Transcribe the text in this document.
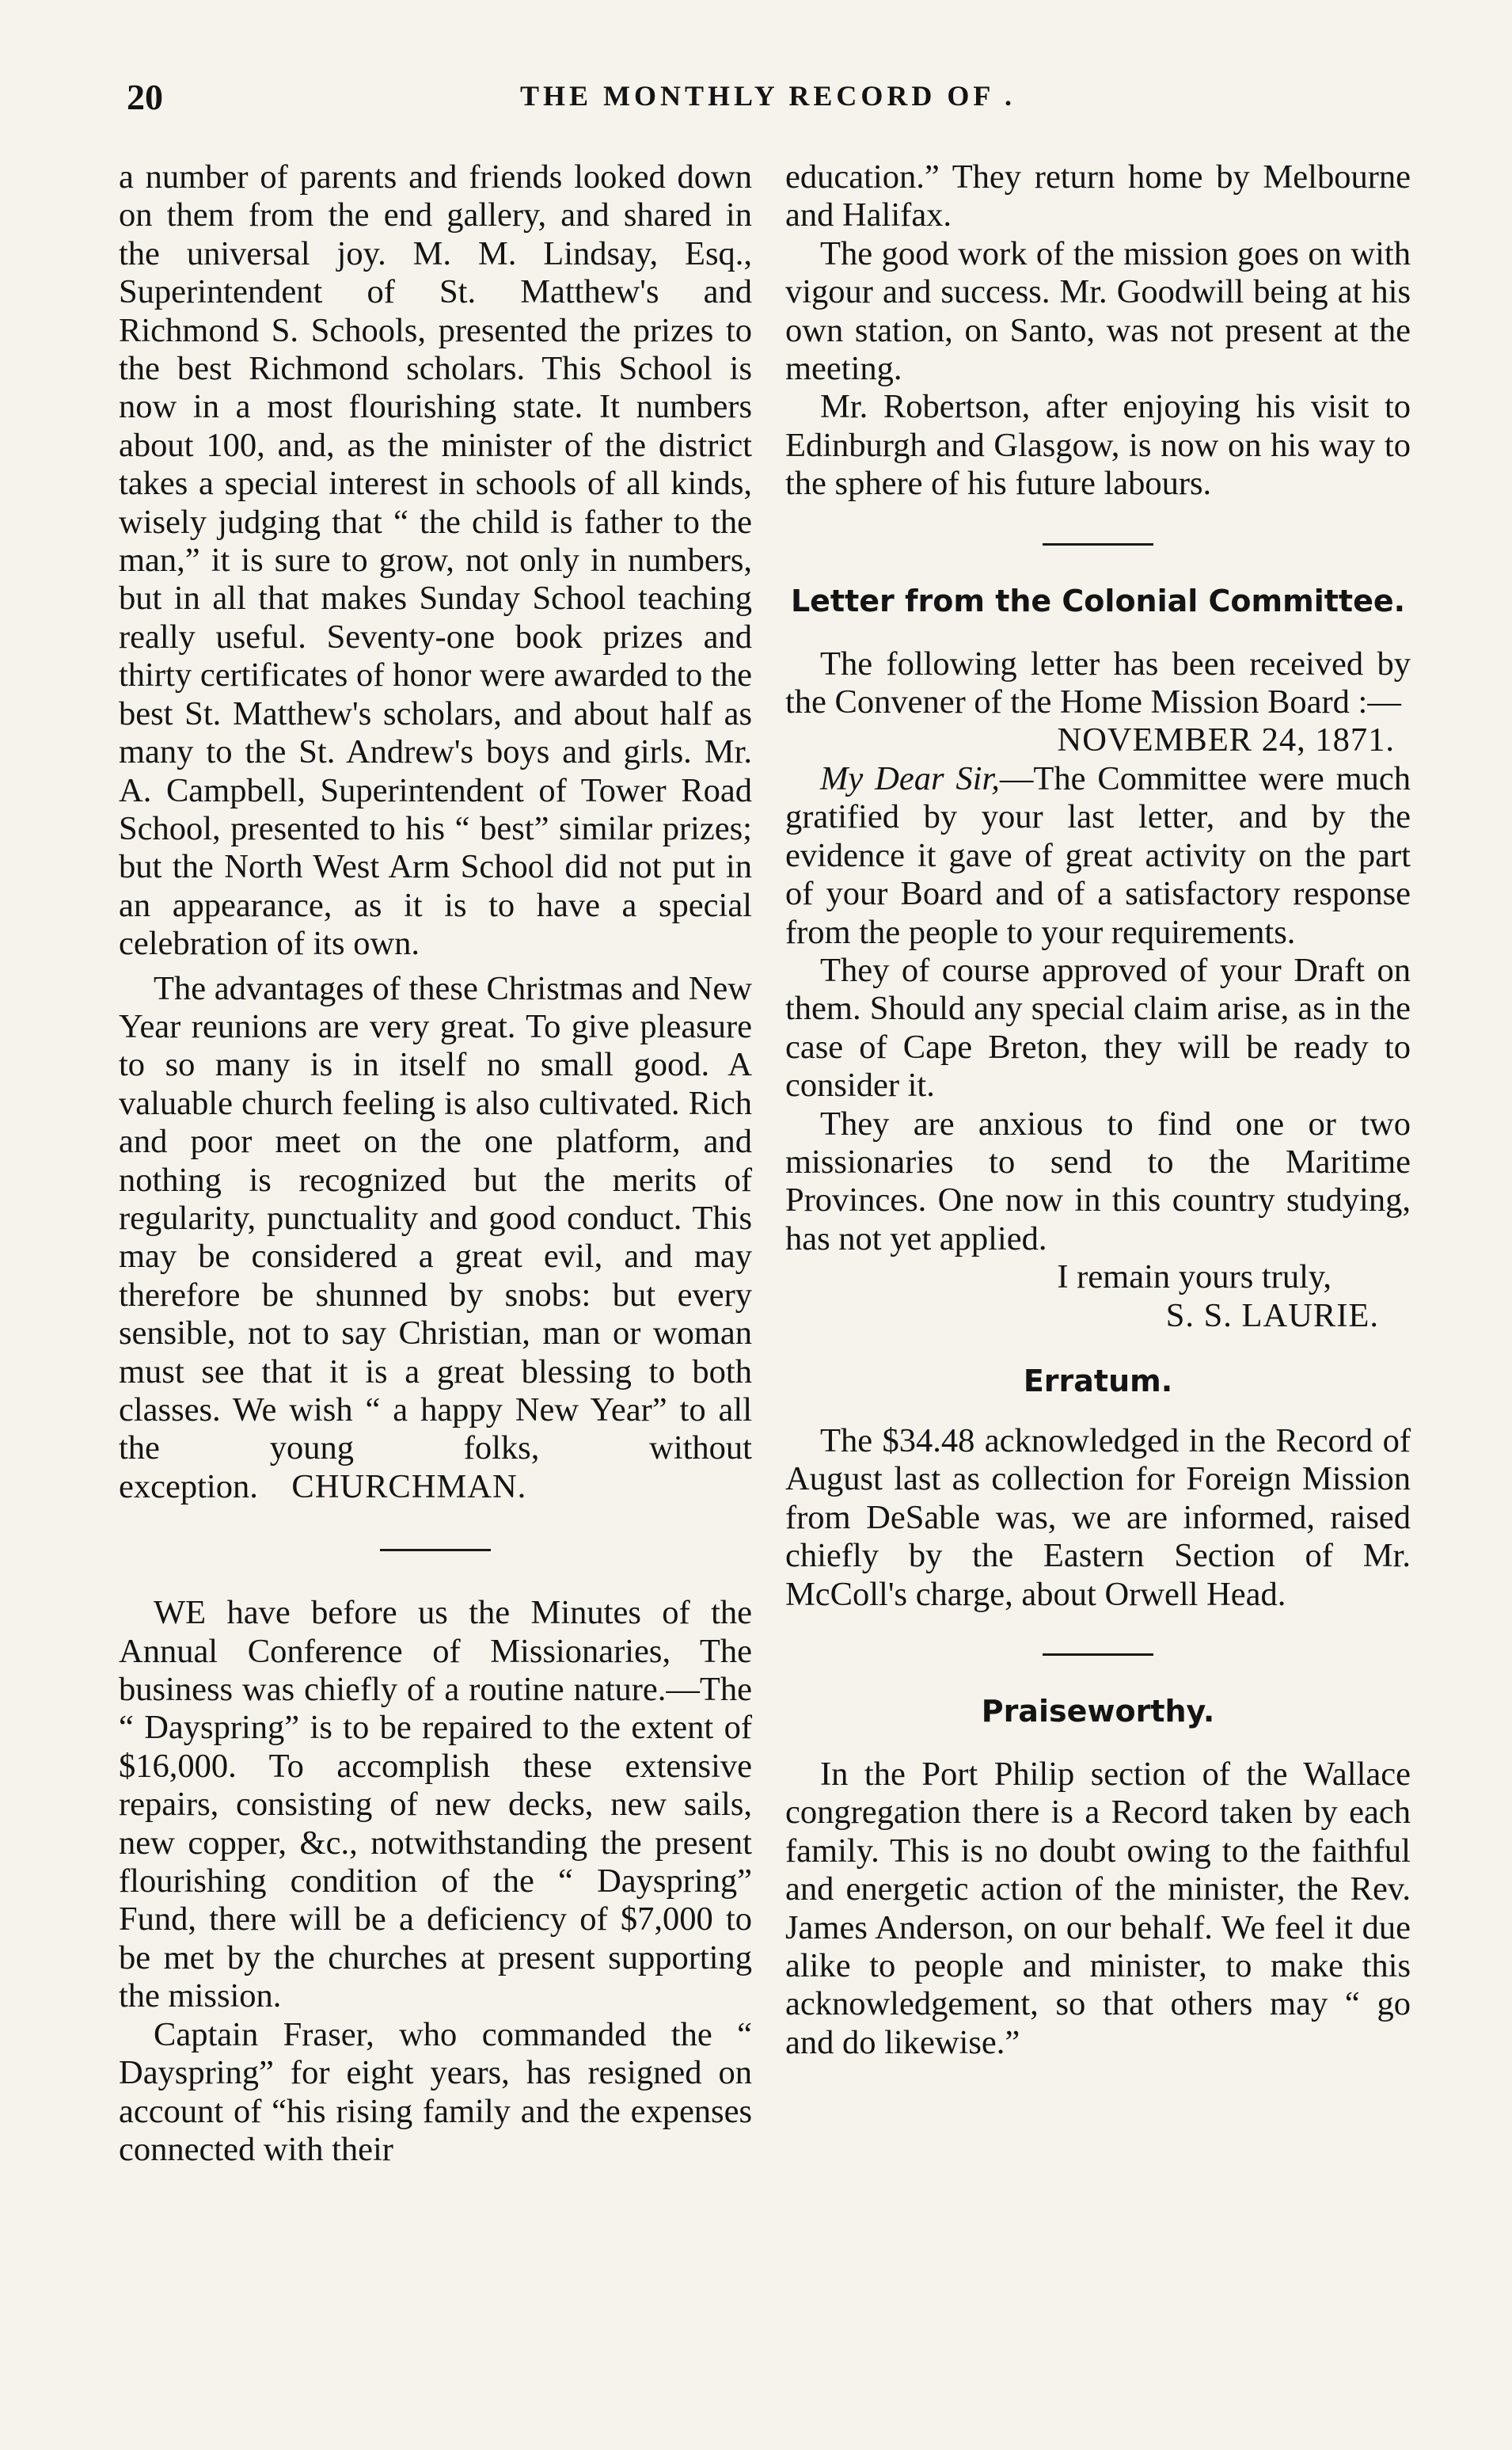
20	THE MONTHLY RECORD OF .

a number of parents and friends looked down on them from the end gallery, and shared in the universal joy. M. M. Lindsay, Esq., Superintendent of St. Matthew's and Richmond S. Schools, presented the prizes to the best Richmond scholars. This School is now in a most flourishing state. It numbers about 100, and, as the minister of the district takes a special interest in schools of all kinds, wisely judging that “ the child is father to the man,” it is sure to grow, not only in numbers, but in all that makes Sunday School teaching really useful. Seventy-one book prizes and thirty certificates of honor were awarded to the best St. Matthew's scholars, and about half as many to the St. Andrew's boys and girls. Mr. A. Campbell, Superintendent of Tower Road School, presented to his “ best” similar prizes; but the North West Arm School did not put in an appearance, as it is to have a special celebration of its own.

The advantages of these Christmas and New Year reunions are very great. To give pleasure to so many is in itself no small good. A valuable church feeling is also cultivated. Rich and poor meet on the one platform, and nothing is recognized but the merits of regularity, punctuality and good conduct. This may be considered a great evil, and may therefore be shunned by snobs: but every sensible, not to say Christian, man or woman must see that it is a great blessing to both classes. We wish “ a happy New Year” to all the young folks, without exception. CHURCHMAN.

WE have before us the Minutes of the Annual Conference of Missionaries, The business was chiefly of a routine nature.—The “ Dayspring” is to be repaired to the extent of $16,000. To accomplish these extensive repairs, consisting of new decks, new sails, new copper, &c., notwithstanding the present flourishing condition of the “ Dayspring” Fund, there will be a deficiency of $7,000 to be met by the churches at present supporting the mission.

Captain Fraser, who commanded the “ Dayspring” for eight years, has resigned on account of “his rising family and the expenses connected with their

education.” They return home by Melbourne and Halifax.

The good work of the mission goes on with vigour and success. Mr. Goodwill being at his own station, on Santo, was not present at the meeting.

Mr. Robertson, after enjoying his visit to Edinburgh and Glasgow, is now on his way to the sphere of his future labours.

Letter from the Colonial Committee.

The following letter has been received by the Convener of the Home Mission Board :—

NOVEMBER 24, 1871.

My Dear Sir,—The Committee were much gratified by your last letter, and by the evidence it gave of great activity on the part of your Board and of a satisfactory response from the people to your requirements.

They of course approved of your Draft on them. Should any special claim arise, as in the case of Cape Breton, they will be ready to consider it.

They are anxious to find one or two missionaries to send to the Maritime Provinces. One now in this country studying, has not yet applied.

I remain yours truly,

S. S. LAURIE.

Erratum.

The $34.48 acknowledged in the Record of August last as collection for Foreign Mission from DeSable was, we are informed, raised chiefly by the Eastern Section of Mr. McColl's charge, about Orwell Head.

Praiseworthy.

In the Port Philip section of the Wallace congregation there is a Record taken by each family. This is no doubt owing to the faithful and energetic action of the minister, the Rev. James Anderson, on our behalf. We feel it due alike to people and minister, to make this acknowledgement, so that others may “ go and do likewise.”
